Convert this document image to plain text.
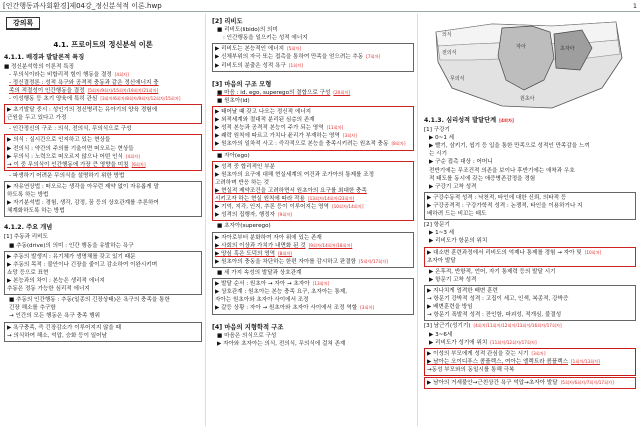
[인간행동과사회환경]제04강_정신분석적 이론.hwp	1
강의록
4.1. 프로이트의 정신분석 이론
4.1.1. 배경과 발달론적 특징
■ 정신분석학의 이론적 특징
- 무의식이라는 비합리적 힘이 행동을 결정 [4회차]
- 정신결정론 : 성적 욕구와 공격적 충동과 같은 정신에너지 충
족의 적절성이 인간행동을 결정 [5회차/9회차/15회차/19회차/21회차]
- 이성행동 등 초기 양육에 특히 관심 [3회차/6회차/8회차/9회차/12회차/15회차]
▶ 초기발달 중시 : 성인기의 정신병리는 유아기의 양육 경험에
근원을 두고 있다고 가정
- 인간정신의 구조 : 의식, 전의식, 무의식으로 구성
▶ 의식 : 실시간으로 인지하고 있는 현상들
▶ 전의식 : 약간의 주의를 기울이면 떠오르는 현상들
▶ 무의식 : 노력으로 떠오르지 않으나 어떤 인식 [4회차]
→ 이 중 무의식이 인간행동에 가장 큰 영향을 미침 [6회차]
- 파생하기 어려운 무의식을 설명하기 위한 방법
▶ 자유연상법 : 떠오르는 생각을 아무런 제약 없이 자유롭게 말
하도록 하는 방법
▶ 자기분석법 : 경험, 생각, 감정, 꿈 등의 상호관계를 추론하여
체계화하도록 하는 방법
4.1.2. 주요 개념
[1] 추동과 리비도
■ 추동(drive)의 의미 : 인간 행동을 유발하는 욕구
▶ 추동의 발생지 : 유기체가 생명체를 갖고 있기 때문
▶ 추동의 목적 : 불안이나 긴장을 줄이고 감소하여 이완시키며
쇼망 등으로 표현
▶ 본능과의 차이 : 본능은 생리적 에너지
추동은 정동 가능한 심리적 에너지
■ 추동의 인간행동 : 추동(일종의 긴장상태)은 욕구의 충족을 통한
긴장 해소를 추구함
→ 인간의 모든 행동은 욕구 충족 행위
▶ 욕구충족, 즉 긴장감소가 이루어지지 않을 때
→ 의식하여 해소, 억압, 승화 등이 일어남
[2] 리비도
■ 리비도(libido)의 의미
: 인간행동을 일으키는 성적 에너지
▶ 리비도는 본능적인 에너지 [5회차]
▶ 신체부위의 자극 또는 접촉을 통하여 만족을 얻으려는 추동 [7회차]
▶ 리비도의 분출은 성적 욕구 [1회차]
[3] 마음의 구조 모형
■ 마음 : id, ego, superego의 결합으로 구성 [20회차]
■ 원초아(id)
▶ 태어날 때 갖고 나오는 정신적 에너지
▶ 외적세계와 절대적 분리된 심층의 존재
▶ 성적 본능과 공격적 본능이 주가 되는 영역 [11회차]
▶ 쾌락 원칙에 따르고 가치나 윤리가 부재하는 영역 [3회차]
▶ 원초아의 일차적 사고 : 즉각적으로 본능을 충족시키려는 원초적 충동 [8회차]
■ 자아(ego)
▶ 성격 중 합리적인 부분
▶ 원초아의 요구에 대해 현실세계의 여건과 조가아의 통제를 조정
고려하며 반응 하는 것
▶ 현실적 제약조건을 고려하면서 원초아의 요구를 최대한 충족
시키고자 하는 현실 원칙에 따라 작용 [13회차/14회차/23회차]
▶ 기억, 지각, 인지, 추론 등이 이루어지는 영역 [10회차/14회차]
▶ 성격의 집행자, 행정자 [9회차]
■ 초자아(superego)
▶ 자아로부터 분화하여 자아 위에 있는 존재
▶ 사회의 이상과 가치가 내면화 된 것 [9회차/14회차/18회차]
▶ 양심 혹은 도덕의 영역 [8회차]
▶ 원초아의 충동을 차단하는 한편 자아를 감시하고 판결함 [5회차/17회차]
■ 세 가지 속성의 발달과 상호관계
▶ 발달 순서 : 원초아 → 자아 → 초자아 [13회차]
▶ 상호관계 : 원초아는 본능 충족 요구, 초자아는 통제,
자아는 원초아와 초자아 사이에서 조정
▶ 갈등 상황 : 자아 → 원초아와 초자아 사이에서 조정 역할 [3회차]
[4] 마음의 지형학적 구조
■ 마음은 의식으로 구성
▶ 자아와 초자아는 의식, 전의식, 무의식에 걸쳐 존재
의식
전의식
무의식
자아	초자아
원초아
4.1.3. 심리성적 발달단계 [4회차]
[1] 구강기
▶ 0~1 세
▶ 빨기, 삼키기, 씹기 등 입을 통한 만족으로 성적인 만족감을 느끼
는 시기
▶ 구순 접촉 대상 : 어머니
전반기에는 무조건적 의존을 보이나 후반기에는 애착과 우호
적 태도를 동시에 갖는 애증병존감정을 경험
▶ 구강기 고착 성격
▶ 구강수동적 성격 : 낙천적, 타인에 대한 신뢰, 의타적 등
▶ 구강공격적 : 구강가학적 성격 : 논쟁적, 타인을 이용하거나 지
배하려 드는 비꼬는 태도
[2] 항문기
▶ 1~3 세
▶ 리비도가 항문의 위치
▶ 대소변 훈련과정에서 리비도의 억제나 통제를 경험 → 자아 및 [10회차]
초자아 발달
▶ 온후적, 반항적, 언어, 자기 통제력 등의 발달 시기
▶ 항문기 고착 성격
▶ 지나치게 엄격한 배변 훈련
→ 항문기 강박적 성격 : 고집이 세고, 인색, 복종적, 강박증
▶ 배변훈련을 방임
→ 항문기 폭발적 성격 : 잔인함, 파괴성, 적개심, 불결성
[3] 남근기(성기기) [4회차/11회차/12회차/13회차/16회차/17회차]
▶ 3~6세
▶ 리비도가 성기에 위치 [11회차/12회차/17회차]
▶ 이성의 부모에게 성적 관심을 갖는 시기 [3회차]
▶ 남아는 오이디푸스 콤플렉스, 여아는 엘렉트라 콤플렉스 [1회차/13회차]
→동성 부모와의 동일시를 통해 극복
▶ 남아의 거세불안→근친상간 욕구 억압→초자아 발달 [5회차/6회차/7회차/17회차]
